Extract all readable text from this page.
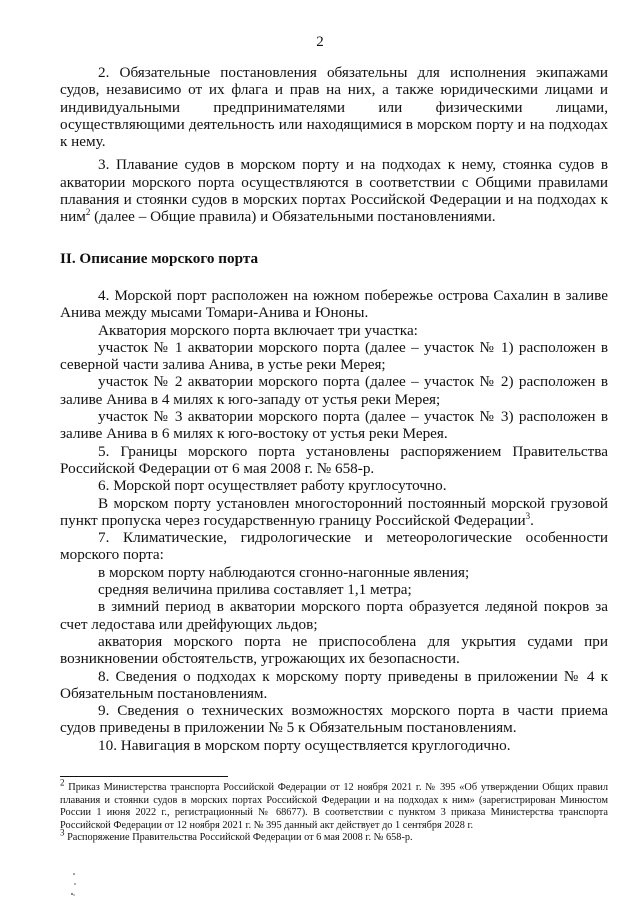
2

2. Обязательные постановления обязательны для исполнения экипажами судов, независимо от их флага и прав на них, а также юридическими лицами и индивидуальными предпринимателями или физическими лицами, осуществляющими деятельность или находящимися в морском порту и на подходах к нему.

3. Плавание судов в морском порту и на подходах к нему, стоянка судов в акватории морского порта осуществляются в соответствии с Общими правилами плавания и стоянки судов в морских портах Российской Федерации и на подходах к ним$^2$ (далее – Общие правила) и Обязательными постановлениями.

II. Описание морского порта

4. Морской порт расположен на южном побережье острова Сахалин в заливе Анива между мысами Томари-Анива и Юноны.

Акватория морского порта включает три участка:

участок № 1 акватории морского порта (далее – участок № 1) расположен в северной части залива Анива, в устье реки Мерея;

участок № 2 акватории морского порта (далее – участок № 2) расположен в заливе Анива в 4 милях к юго-западу от устья реки Мерея;

участок № 3 акватории морского порта (далее – участок № 3) расположен в заливе Анива в 6 милях к юго-востоку от устья реки Мерея.

5. Границы морского порта установлены распоряжением Правительства Российской Федерации от 6 мая 2008 г. № 658-р.

6. Морской порт осуществляет работу круглосуточно.

В морском порту установлен многосторонний постоянный морской грузовой пункт пропуска через государственную границу Российской Федерации$^3$.

7. Климатические, гидрологические и метеорологические особенности морского порта:

в морском порту наблюдаются сгонно-нагонные явления;

средняя величина прилива составляет 1,1 метра;

в зимний период в акватории морского порта образуется ледяной покров за счет ледостава или дрейфующих льдов;

акватория морского порта не приспособлена для укрытия судами при возникновении обстоятельств, угрожающих их безопасности.

8. Сведения о подходах к морскому порту приведены в приложении № 4 к Обязательным постановлениям.

9. Сведения о технических возможностях морского порта в части приема судов приведены в приложении № 5 к Обязательным постановлениям.

10. Навигация в морском порту осуществляется круглогодично.

$^2$ Приказ Министерства транспорта Российской Федерации от 12 ноября 2021 г. № 395 «Об утверждении Общих правил плавания и стоянки судов в морских портах Российской Федерации и на подходах к ним» (зарегистрирован Минюстом России 1 июня 2022 г., регистрационный № 68677). В соответствии с пунктом 3 приказа Министерства транспорта Российской Федерации от 12 ноября 2021 г. № 395 данный акт действует до 1 сентября 2028 г.

$^3$ Распоряжение Правительства Российской Федерации от 6 мая 2008 г. № 658-р.
